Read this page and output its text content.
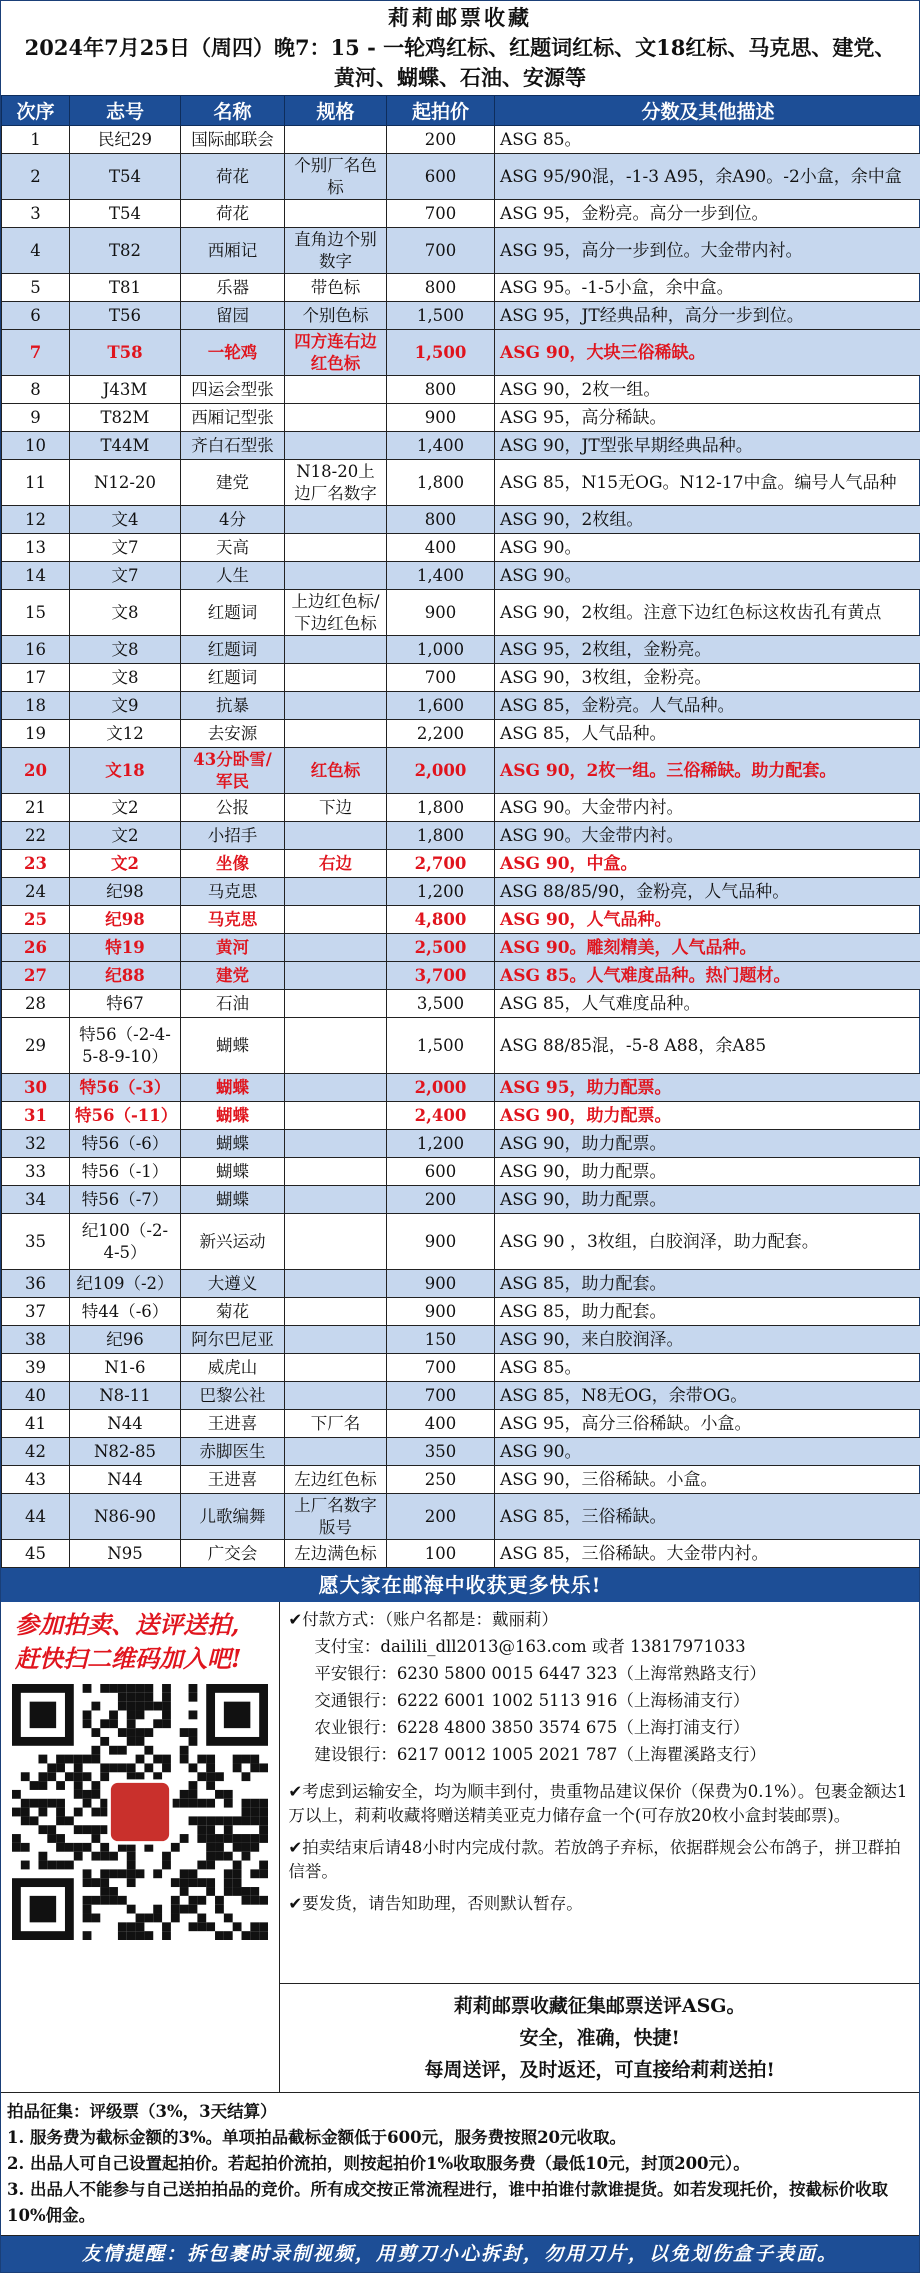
莉莉邮票收藏
2024年7月25日（周四）晚7：15 - 一轮鸡红标、红题词红标、文18红标、马克思、建党、
黄河、蝴蝶、石油、安源等
次序	志号	名称	规格	起拍价	分数及其他描述
1	民纪29	国际邮联会		200	ASG 85。
2	T54	荷花	个别厂名色标	600	ASG 95/90混，-1-3 A95，余A90。-2小盒，余中盒
3	T54	荷花		700	ASG 95，金粉亮。高分一步到位。
4	T82	西厢记	直角边个别数字	700	ASG 95，高分一步到位。大金带内衬。
5	T81	乐器	带色标	800	ASG 95。-1-5小盒，余中盒。
6	T56	留园	个别色标	1,500	ASG 95，JT经典品种，高分一步到位。
7	T58	一轮鸡	四方连右边红色标	1,500	ASG 90，大块三俗稀缺。
8	J43M	四运会型张		800	ASG 90，2枚一组。
9	T82M	西厢记型张		900	ASG 95，高分稀缺。
10	T44M	齐白石型张		1,400	ASG 90，JT型张早期经典品种。
11	N12-20	建党	N18-20上边厂名数字	1,800	ASG 85，N15无OG。N12-17中盒。编号人气品种
12	文4	4分		800	ASG 90，2枚组。
13	文7	天高		400	ASG 90。
14	文7	人生		1,400	ASG 90。
15	文8	红题词	上边红色标/下边红色标	900	ASG 90，2枚组。注意下边红色标这枚齿孔有黄点
16	文8	红题词		1,000	ASG 95，2枚组，金粉亮。
17	文8	红题词		700	ASG 90，3枚组，金粉亮。
18	文9	抗暴		1,600	ASG 85，金粉亮。人气品种。
19	文12	去安源		2,200	ASG 85，人气品种。
20	文18	43分卧雪/军民	红色标	2,000	ASG 90，2枚一组。三俗稀缺。助力配套。
21	文2	公报	下边	1,800	ASG 90。大金带内衬。
22	文2	小招手		1,800	ASG 90。大金带内衬。
23	文2	坐像	右边	2,700	ASG 90，中盒。
24	纪98	马克思		1,200	ASG 88/85/90，金粉亮，人气品种。
25	纪98	马克思		4,800	ASG 90，人气品种。
26	特19	黄河		2,500	ASG 90。雕刻精美，人气品种。
27	纪88	建党		3,700	ASG 85。人气难度品种。热门题材。
28	特67	石油		3,500	ASG 85，人气难度品种。
29	特56（-2-4-5-8-9-10）	蝴蝶		1,500	ASG 88/85混，-5-8 A88，余A85
30	特56（-3）	蝴蝶		2,000	ASG 95，助力配票。
31	特56（-11）	蝴蝶		2,400	ASG 90，助力配票。
32	特56（-6）	蝴蝶		1,200	ASG 90，助力配票。
33	特56（-1）	蝴蝶		600	ASG 90，助力配票。
34	特56（-7）	蝴蝶		200	ASG 90，助力配票。
35	纪100（-2-4-5）	新兴运动		900	ASG 90 ，3枚组，白胶润泽，助力配套。
36	纪109（-2）	大遵义		900	ASG 85，助力配套。
37	特44（-6）	菊花		900	ASG 85，助力配套。
38	纪96	阿尔巴尼亚		150	ASG 90，来白胶润泽。
39	N1-6	威虎山		700	ASG 85。
40	N8-11	巴黎公社		700	ASG 85，N8无OG，余带OG。
41	N44	王进喜	下厂名	400	ASG 95，高分三俗稀缺。小盒。
42	N82-85	赤脚医生		350	ASG 90。
43	N44	王进喜	左边红色标	250	ASG 90，三俗稀缺。小盒。
44	N86-90	儿歌编舞	上厂名数字版号	200	ASG 85，三俗稀缺。
45	N95	广交会	左边满色标	100	ASG 85，三俗稀缺。大金带内衬。
愿大家在邮海中收获更多快乐!
参加拍卖、送评送拍,
赶快扫二维码加入吧!
✔付款方式：（账户名都是：戴丽莉）
支付宝：dailili_dll2013@163.com 或者 13817971033
平安银行：6230 5800 0015 6447 323（上海常熟路支行）
交通银行：6222 6001 1002 5113 916（上海杨浦支行）
农业银行：6228 4800 3850 3574 675（上海打浦支行）
建设银行：6217 0012 1005 2021 787（上海瞿溪路支行）
✔考虑到运输安全，均为顺丰到付，贵重物品建议保价（保费为0.1%）。包裹金额达1万以上，莉莉收藏将赠送精美亚克力储存盒一个(可存放20枚小盒封装邮票)。
✔拍卖结束后请48小时内完成付款。若放鸽子弃标，依据群规会公布鸽子，拼卫群拍信誉。
✔要发货，请告知助理，否则默认暂存。
莉莉邮票收藏征集邮票送评ASG。
安全，准确，快捷!
每周送评，及时返还，可直接给莉莉送拍!
拍品征集：评级票（3%，3天结算）
1. 服务费为截标金额的3%。单项拍品截标金额低于600元，服务费按照20元收取。
2. 出品人可自己设置起拍价。若起拍价流拍，则按起拍价1%收取服务费（最低10元，封顶200元）。
3. 出品人不能参与自己送拍拍品的竞价。所有成交按正常流程进行，谁中拍谁付款谁提货。如若发现托价，按截标价收取10%佣金。
友情提醒：拆包裹时录制视频，用剪刀小心拆封，勿用刀片，以免划伤盒子表面。
